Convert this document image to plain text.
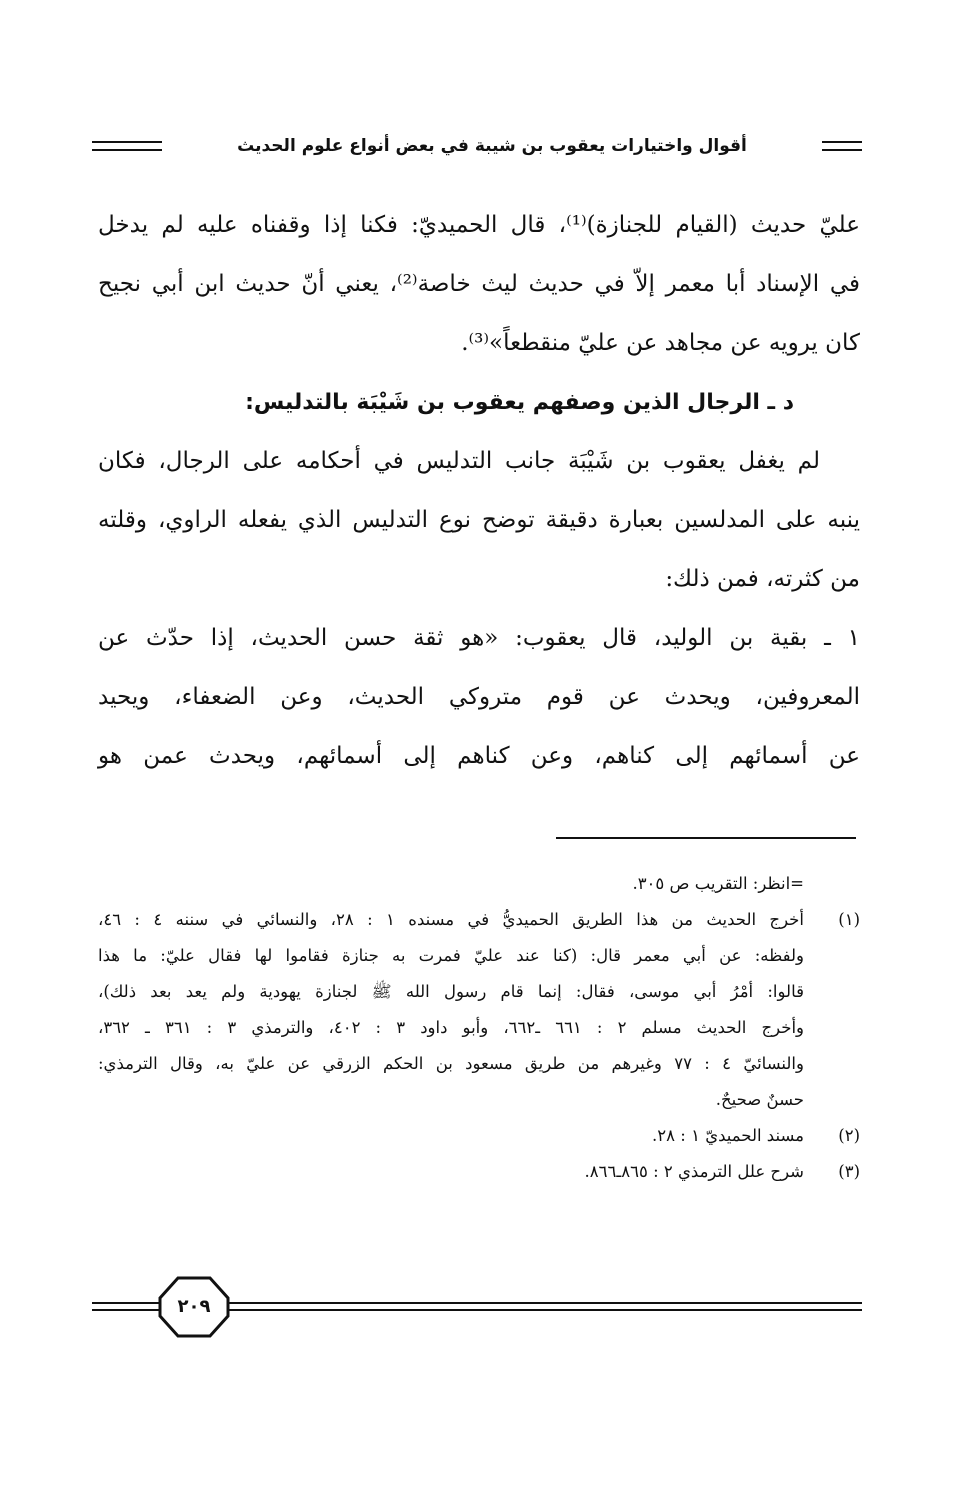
أقوال واختيارات يعقوب بن شيبة في بعض أنواع علوم الحديث
عليّ حديث (القيام للجنازة)⁽¹⁾، قال الحميديّ: فكنا إذا وقفناه عليه لم يدخل
في الإسناد أبا معمر إلاّ في حديث ليث خاصة⁽²⁾، يعني أنّ حديث ابن أبي نجيح
كان يرويه عن مجاهد عن عليّ منقطعاً»⁽³⁾.
د ـ الرجال الذين وصفهم يعقوب بن شَيْبَة بالتدليس:
لم يغفل يعقوب بن شَيْبَة جانب التدليس في أحكامه على الرجال، فكان
ينبه على المدلسين بعبارة دقيقة توضح نوع التدليس الذي يفعله الراوي، وقلته
من كثرته، فمن ذلك:
١ ـ بقية بن الوليد، قال يعقوب: «هو ثقة حسن الحديث، إذا حدّث عن
المعروفين، ويحدث عن قوم متروكي الحديث، وعن الضعفاء، ويحيد
عن أسمائهم إلى كناهم، وعن كناهم إلى أسمائهم، ويحدث عمن هو
=انظر: التقريب ص ٣٠٥.
(١)
أخرج الحديث من هذا الطريق الحميديُّ في مسنده ١ : ٢٨، والنسائي في سننه ٤ : ٤٦،
ولفظه: عن أبي معمر قال: (كنا عند عليّ فمرت به جنازة فقاموا لها فقال عليّ: ما هذا
قالوا: أمْرُ أبي موسى، فقال: إنما قام رسول الله ﷺ لجنازة يهودية ولم يعد بعد ذلك)،
وأخرج الحديث مسلم ٢ : ٦٦١ ـ٦٦٢، وأبو داود ٣ : ٤٠٢، والترمذي ٣ : ٣٦١ ـ ٣٦٢،
والنسائيّ ٤ : ٧٧ وغيرهم من طريق مسعود بن الحكم الزرقي عن عليّ به، وقال الترمذي:
حسنٌ صحيحٌ.
(٢)
مسند الحميديّ ١ : ٢٨.
(٣)
شرح علل الترمذي ٢ : ٨٦٥ـ٨٦٦.
٢٠٩
